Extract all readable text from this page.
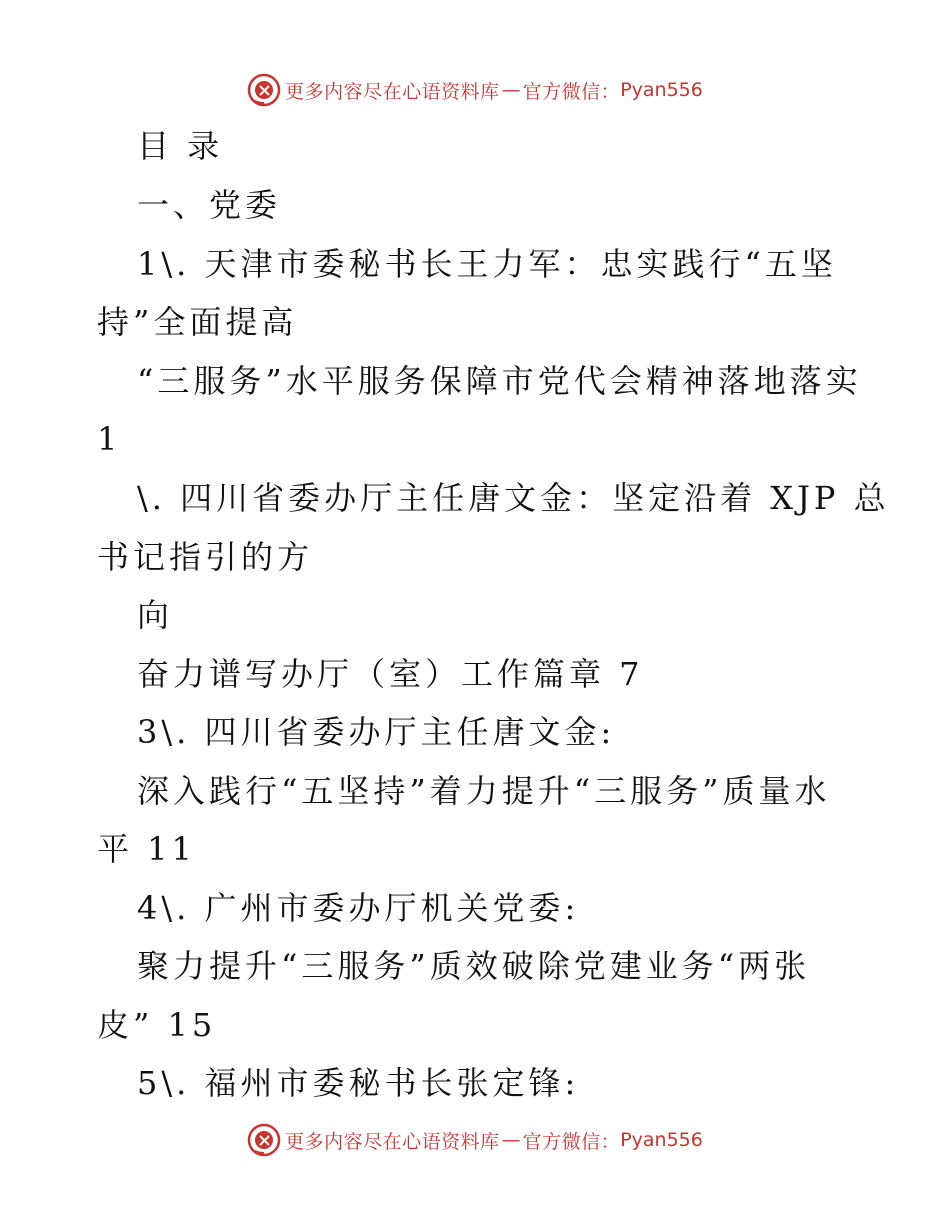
更多内容尽在心语资料库 — 官方微信： Pyan556
目 录
一、党委
1\. 天津市委秘书长王力军：忠实践行“五坚
持”全面提高
“三服务”水平服务保障市党代会精神落地落实
1
\. 四川省委办厅主任唐文金：坚定沿着 XJP 总
书记指引的方
向
奋力谱写办厅（室）工作篇章 7
3\. 四川省委办厅主任唐文金:
深入践行“五坚持”着力提升“三服务”质量水
平 11
4\. 广州市委办厅机关党委:
聚力提升“三服务”质效破除党建业务“两张
皮” 15
5\. 福州市委秘书长张定锋:
更多内容尽在心语资料库 — 官方微信： Pyan556
